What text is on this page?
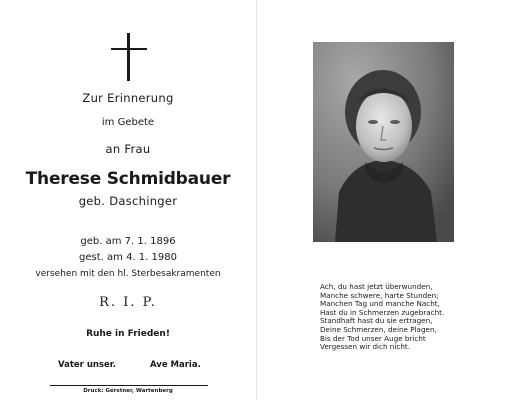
Zur Erinnerung
im Gebete
an Frau
Therese Schmidbauer
geb. Daschinger
geb. am 7. 1. 1896
gest. am 4. 1. 1980
versehen mit den hl. Sterbesakramenten
R. I. P.
Ruhe in Frieden!
Vater unser.	Ave Maria.
Druck: Gerstner, Wartenberg
Ach, du hast jetzt überwunden,
Manche schwere, harte Stunden;
Manchen Tag und manche Nacht,
Hast du in Schmerzen zugebracht.
Standhaft hast du sie ertragen,
Deine Schmerzen, deine Plagen,
Bis der Tod unser Auge bricht
Vergessen wir dich nicht.
